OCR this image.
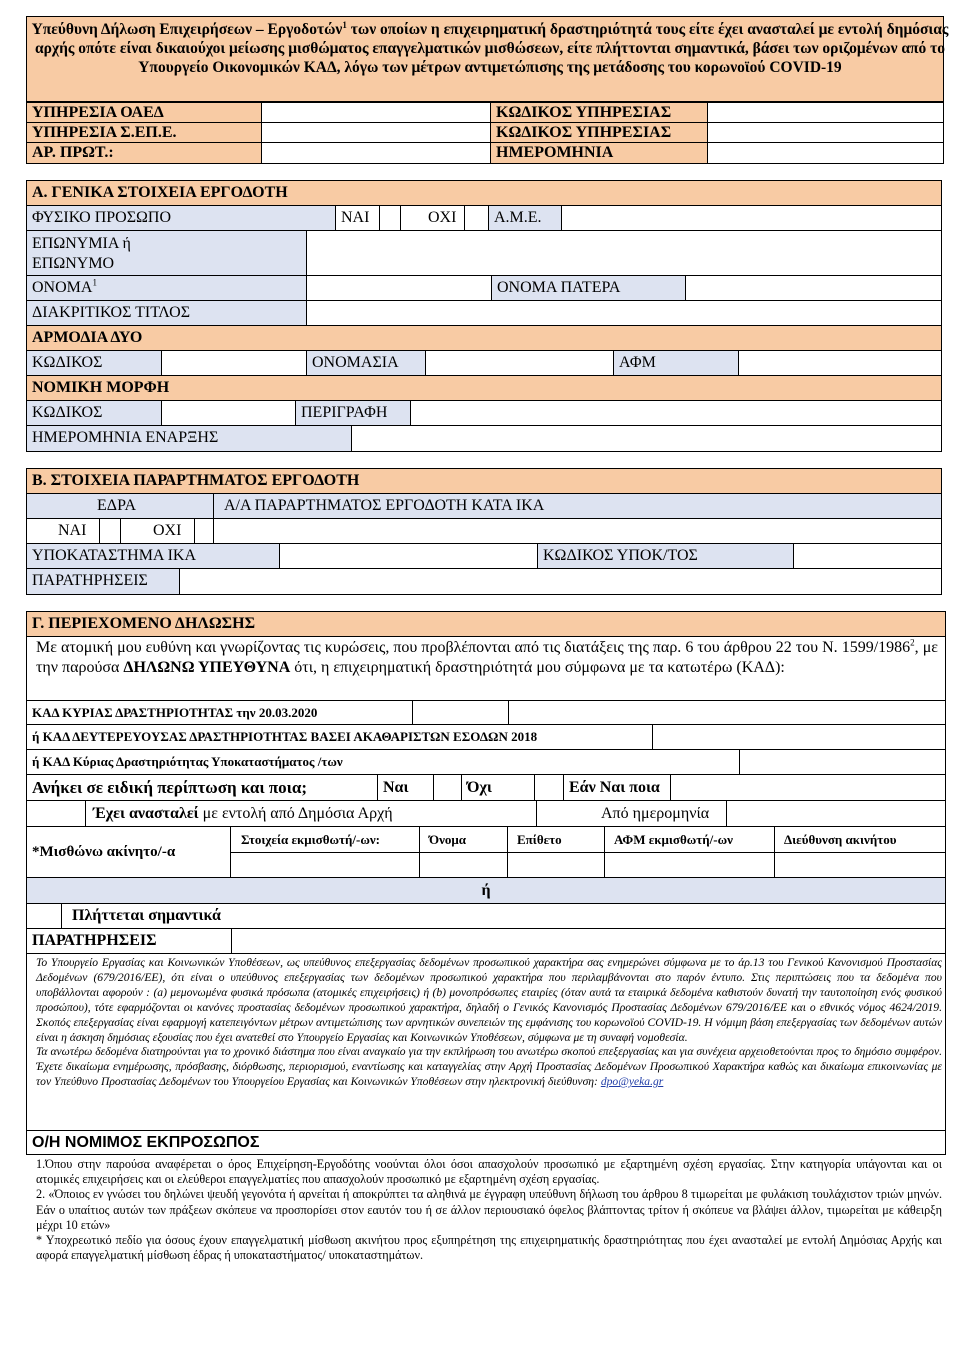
Υπεύθυνη Δήλωση Επιχειρήσεων – Εργοδοτών$^1$ των οποίων η επιχειρηματική δραστηριότητά τους είτε έχει ανασταλεί με εντολή δημόσιας αρχής οπότε είναι δικαιούχοι μείωσης μισθώματος επαγγελματικών μισθώσεων, είτε πλήττονται σημαντικά, βάσει των οριζομένων από το Υπουργείο Οικονομικών ΚΑΔ, λόγω των μέτρων αντιμετώπισης της μετάδοσης του κορωνοϊού COVID-19
ΥΠΗΡΕΣΙΑ ΟΑΕΔ	ΚΩΔΙΚΟΣ ΥΠΗΡΕΣΙΑΣ
ΥΠΗΡΕΣΙΑ Σ.ΕΠ.Ε.	ΚΩΔΙΚΟΣ ΥΠΗΡΕΣΙΑΣ
ΑΡ. ΠΡΩΤ.:	ΗΜΕΡΟΜΗΝΙΑ
Α. ΓΕΝΙΚΑ ΣΤΟΙΧΕΙΑ ΕΡΓΟΔΟΤΗ
ΦΥΣΙΚΟ ΠΡΟΣΩΠΟ	ΝΑΙ	ΟΧΙ	Α.Μ.Ε.
ΕΠΩΝΥΜΙΑ ή
ΕΠΩΝΥΜΟ
ΟΝΟΜΑ$^1$	ΟΝΟΜΑ ΠΑΤΕΡΑ
ΔΙΑΚΡΙΤΙΚΟΣ ΤΙΤΛΟΣ
ΑΡΜΟΔΙΑ ΔΥΟ
ΚΩΔΙΚΟΣ	ΟΝΟΜΑΣΙΑ	ΑΦΜ
ΝΟΜΙΚΗ ΜΟΡΦΗ
ΚΩΔΙΚΟΣ	ΠΕΡΙΓΡΑΦΗ
ΗΜΕΡΟΜΗΝΙΑ ΕΝΑΡΞΗΣ
Β. ΣΤΟΙΧΕΙΑ ΠΑΡΑΡΤΗΜΑΤΟΣ ΕΡΓΟΔΟΤΗ
ΕΔΡΑ	Α/Α ΠΑΡΑΡΤΗΜΑΤΟΣ ΕΡΓΟΔΟΤΗ ΚΑΤΑ ΙΚΑ
ΝΑΙ	ΟΧΙ
ΥΠΟΚΑΤΑΣΤΗΜΑ ΙΚΑ	ΚΩΔΙΚΟΣ ΥΠΟΚ/ΤΟΣ
ΠΑΡΑΤΗΡΗΣΕΙΣ
Γ. ΠΕΡΙΕΧΟΜΕΝΟ ΔΗΛΩΣΗΣ
Με ατομική μου ευθύνη και γνωρίζοντας τις κυρώσεις, που προβλέπονται από τις διατάξεις της παρ. 6 του άρθρου 22 του Ν. 1599/1986$^2$, με την παρούσα ΔΗΛΩΝΩ ΥΠΕΥΘΥΝΑ ότι, η επιχειρηματική δραστηριότητά μου σύμφωνα με τα κατωτέρω (ΚΑΔ):
ΚΑΔ ΚΥΡΙΑΣ ΔΡΑΣΤΗΡΙΟΤΗΤΑΣ την 20.03.2020
ή ΚΑΔ ΔΕΥΤΕΡΕΥΟΥΣΑΣ ΔΡΑΣΤΗΡΙΟΤΗΤΑΣ ΒΑΣΕΙ ΑΚΑΘΑΡΙΣΤΩΝ ΕΣΟΔΩΝ 2018
ή ΚΑΔ Κύριας Δραστηριότητας Υποκαταστήματος /των
Ανήκει σε ειδική περίπτωση και ποια;	Ναι	Όχι	Εάν Ναι ποια
Έχει ανασταλεί με εντολή από Δημόσια Αρχή	Από ημερομηνία
*Μισθώνω ακίνητο/-α
Στοιχεία εκμισθωτή/-ων:	Όνομα	Επίθετο	ΑΦΜ εκμισθωτή/-ων	Διεύθυνση ακινήτου
ή
Πλήττεται σημαντικά
ΠΑΡΑΤΗΡΗΣΕΙΣ
Το Υπουργείο Εργασίας και Κοινωνικών Υποθέσεων, ως υπεύθυνος επεξεργασίας δεδομένων προσωπικού χαρακτήρα σας ενημερώνει σύμφωνα με το άρ.13 του Γενικού Κανονισμού Προστασίας Δεδομένων (679/2016/ΕΕ), ότι είναι ο υπεύθυνος επεξεργασίας των δεδομένων προσωπικού χαρακτήρα που περιλαμβάνονται στο παρόν έντυπο. Στις περιπτώσεις που τα δεδομένα που υποβάλλονται αφορούν : (a) μεμονωμένα φυσικά πρόσωπα (ατομικές επιχειρήσεις) ή (b) μονοπρόσωπες εταιρίες (όταν αυτά τα εταιρικά δεδομένα καθιστούν δυνατή την ταυτοποίηση ενός φυσικού προσώπου), τότε εφαρμόζονται οι κανόνες προστασίας δεδομένων προσωπικού χαρακτήρα, δηλαδή ο Γενικός Κανονισμός Προστασίας Δεδομένων 679/2016/ΕΕ και ο εθνικός νόμος 4624/2019. Σκοπός επεξεργασίας είναι εφαρμογή κατεπειγόντων μέτρων αντιμετώπισης των αρνητικών συνεπειών της εμφάνισης του κορωνοϊού COVID-19. Η νόμιμη βάση επεξεργασίας των δεδομένων αυτών είναι η άσκηση δημόσιας εξουσίας που έχει ανατεθεί στο Υπουργείο Εργασίας και Κοινωνικών Υποθέσεων, σύμφωνα με τη συναφή νομοθεσία.
Τα ανωτέρω δεδομένα διατηρούνται για το χρονικό διάστημα που είναι αναγκαίο για την εκπλήρωση του ανωτέρω σκοπού επεξεργασίας και για συνέχεια αρχειοθετούνται προς το δημόσιο συμφέρον. Έχετε δικαίωμα ενημέρωσης, πρόσβασης, διόρθωσης, περιορισμού, εναντίωσης και καταγγελίας στην Αρχή Προστασίας Δεδομένων Προσωπικού Χαρακτήρα καθώς και δικαίωμα επικοινωνίας με τον Υπεύθυνο Προστασίας Δεδομένων του Υπουργείου Εργασίας και Κοινωνικών Υποθέσεων στην ηλεκτρονική διεύθυνση: dpo@yeka.gr
Ο/Η ΝΟΜΙΜΟΣ ΕΚΠΡΟΣΩΠΟΣ
1.Όπου στην παρούσα αναφέρεται ο όρος Επιχείρηση-Εργοδότης νοούνται όλοι όσοι απασχολούν προσωπικό με εξαρτημένη σχέση εργασίας. Στην κατηγορία υπάγονται και οι ατομικές επιχειρήσεις και οι ελεύθεροι επαγγελματίες που απασχολούν προσωπικό με εξαρτημένη σχέση εργασίας.
2. «Όποιος εν γνώσει του δηλώνει ψευδή γεγονότα ή αρνείται ή αποκρύπτει τα αληθινά με έγγραφη υπεύθυνη δήλωση του άρθρου 8 τιμωρείται με φυλάκιση τουλάχιστον τριών μηνών. Εάν ο υπαίτιος αυτών των πράξεων σκόπευε να προσπορίσει στον εαυτόν του ή σε άλλον περιουσιακό όφελος βλάπτοντας τρίτον ή σκόπευε να βλάψει άλλον, τιμωρείται με κάθειρξη μέχρι 10 ετών»
* Υποχρεωτικό πεδίο για όσους έχουν επαγγελματική μίσθωση ακινήτου προς εξυπηρέτηση της επιχειρηματικής δραστηριότητας που έχει ανασταλεί με εντολή Δημόσιας Αρχής και αφορά επαγγελματική μίσθωση έδρας ή υποκαταστήματος/ υποκαταστημάτων.
